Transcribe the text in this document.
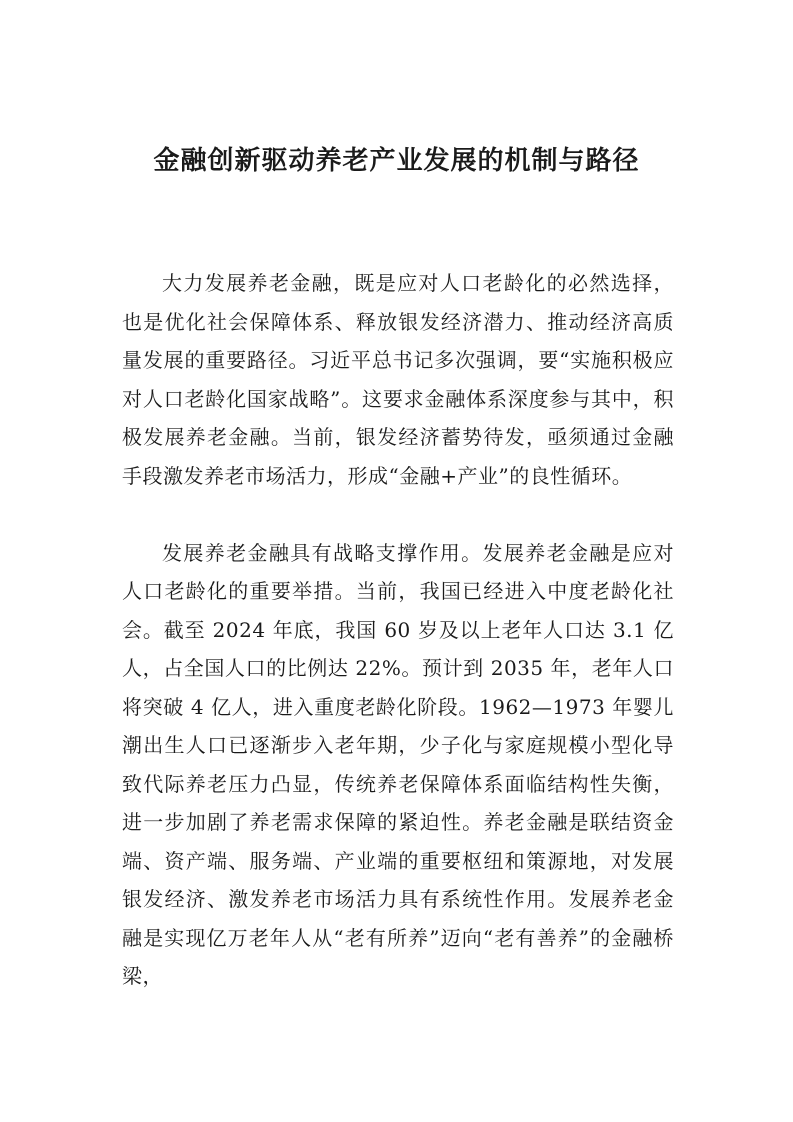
金融创新驱动养老产业发展的机制与路径

大力发展养老金融，既是应对人口老龄化的必然选择，也是优化社会保障体系、释放银发经济潜力、推动经济高质量发展的重要路径。习近平总书记多次强调，要“实施积极应对人口老龄化国家战略”。这要求金融体系深度参与其中，积极发展养老金融。当前，银发经济蓄势待发，亟须通过金融手段激发养老市场活力，形成“金融+产业”的良性循环。

发展养老金融具有战略支撑作用。发展养老金融是应对人口老龄化的重要举措。当前，我国已经进入中度老龄化社会。截至 2024 年底，我国 60 岁及以上老年人口达 3.1 亿人，占全国人口的比例达 22%。预计到 2035 年，老年人口将突破 4 亿人，进入重度老龄化阶段。1962—1973 年婴儿潮出生人口已逐渐步入老年期，少子化与家庭规模小型化导致代际养老压力凸显，传统养老保障体系面临结构性失衡，进一步加剧了养老需求保障的紧迫性。养老金融是联结资金端、资产端、服务端、产业端的重要枢纽和策源地，对发展银发经济、激发养老市场活力具有系统性作用。发展养老金融是实现亿万老年人从“老有所养”迈向“老有善养”的金融桥梁，
